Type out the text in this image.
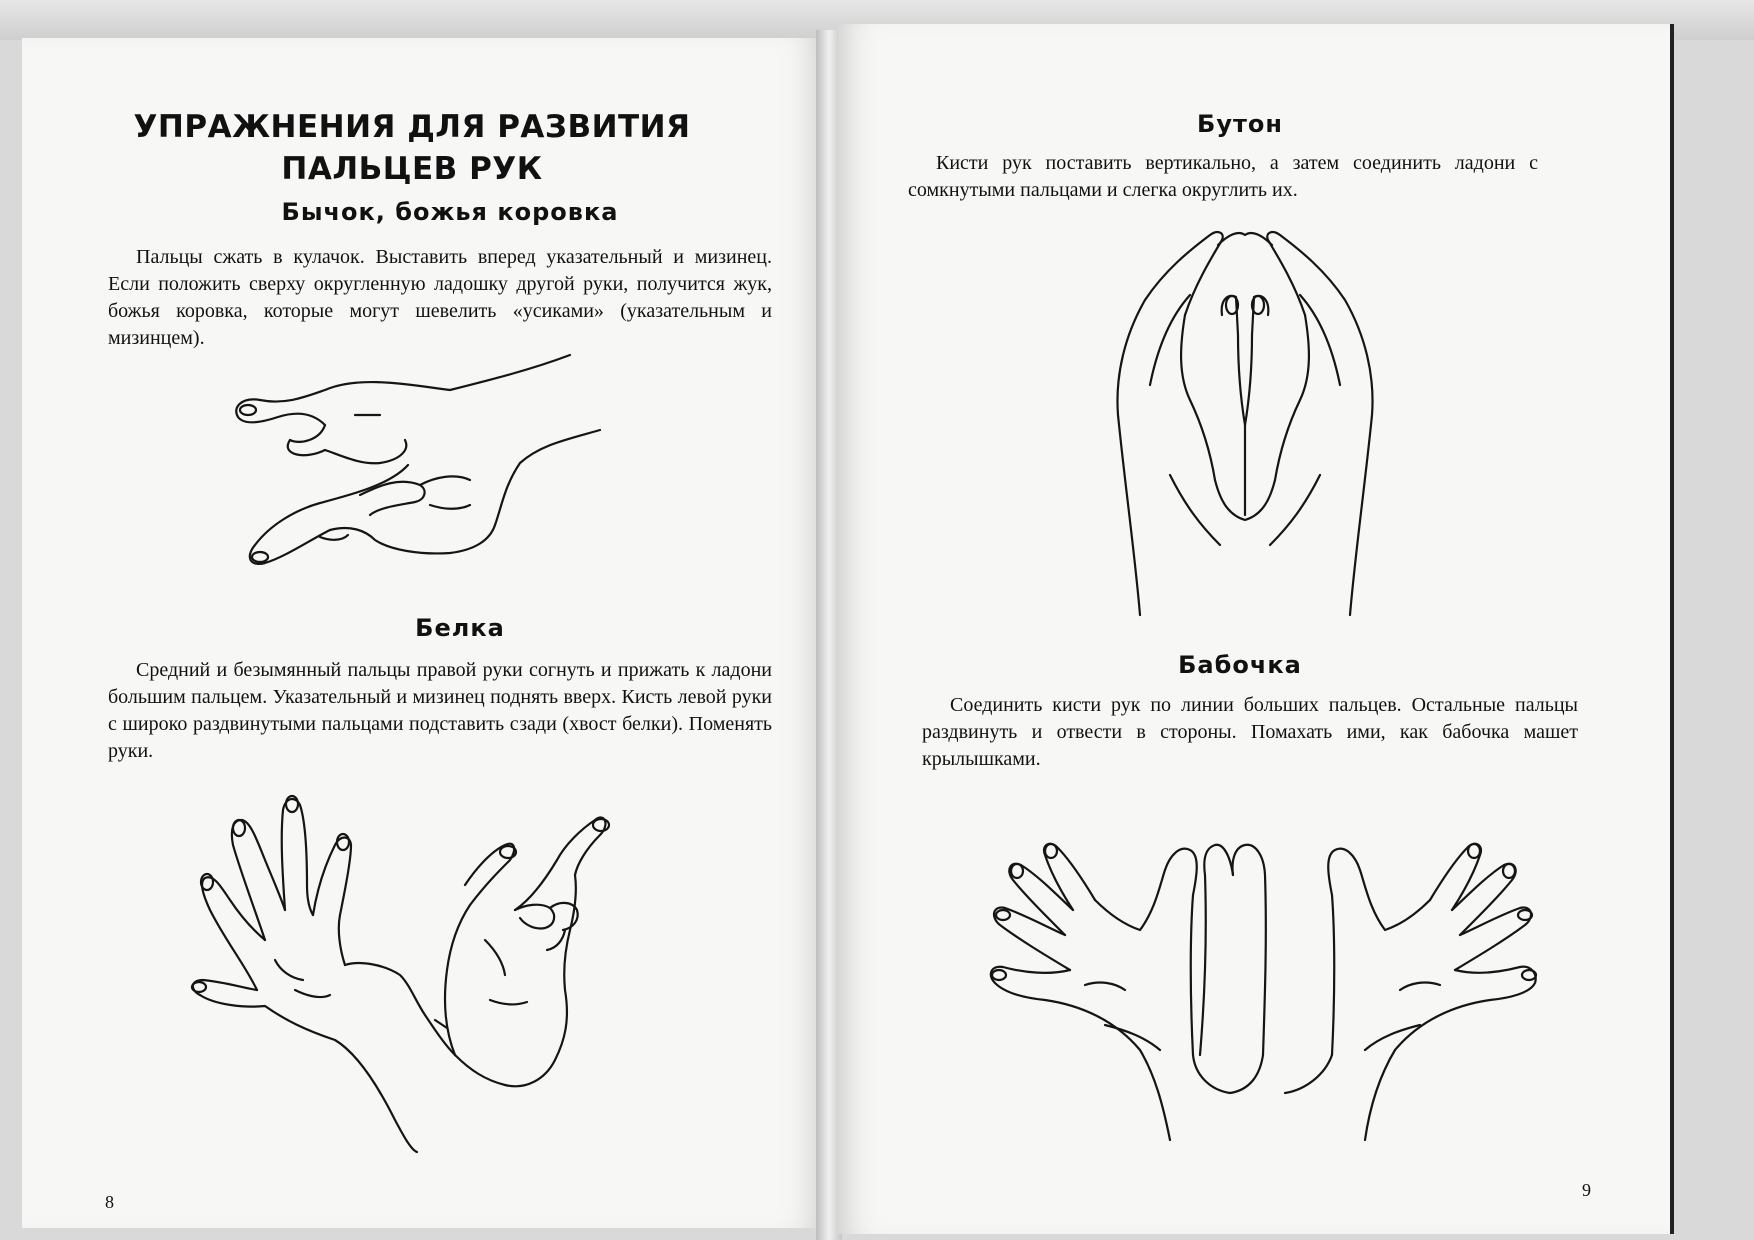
УПРАЖНЕНИЯ ДЛЯ РАЗВИТИЯ ПАЛЬЦЕВ РУК
Бычок, божья коровка

Пальцы сжать в кулачок. Выставить вперед указательный и мизинец. Если положить сверху округленную ладошку другой руки, получится жук, божья коровка, которые могут шевелить «усиками» (указательным и мизинцем).

Белка

Средний и безымянный пальцы правой руки согнуть и прижать к ладони большим пальцем. Указательный и мизинец поднять вверх. Кисть левой руки с широко раздвинутыми пальцами подставить сзади (хвост белки). Поменять руки.

8
Бутон

Кисти рук поставить вертикально, а затем соединить ладони с сомкнутыми пальцами и слегка округлить их.

Бабочка

Соединить кисти рук по линии больших пальцев. Остальные пальцы раздвинуть и отвести в стороны. Помахать ими, как бабочка машет крылышками.

9
